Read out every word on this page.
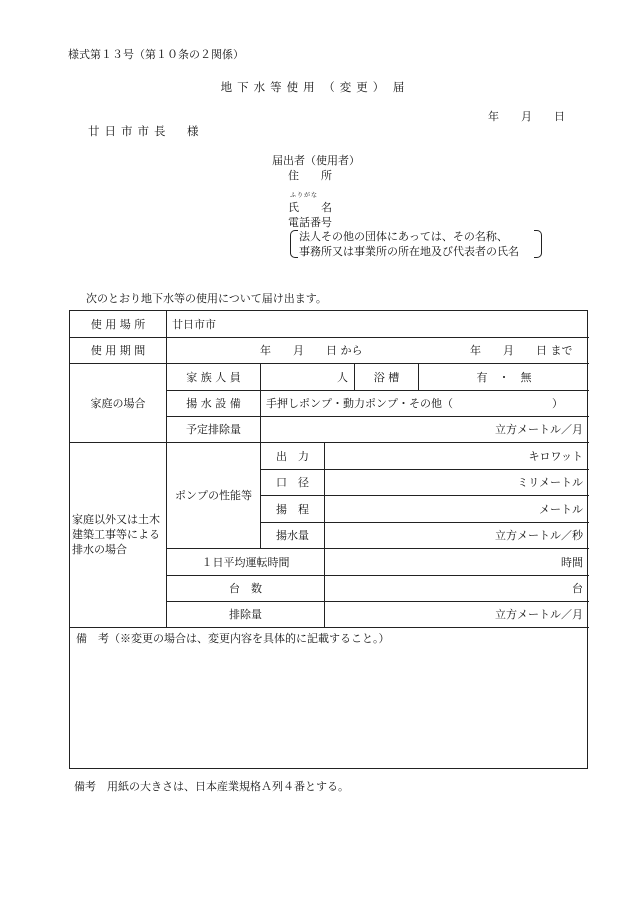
様式第１３号（第１０条の２関係）
地下水等使用 （変更） 届
年　　月　　日
廿日市市長　様
届出者（使用者）
住　　所
ふりがな
氏　　名
電話番号
法人その他の団体にあっては、その名称、
事務所又は事業所の所在地及び代表者の氏名
次のとおり地下水等の使用について届け出ます。
使 用 場 所	廿日市市
使 用 期 間	年　　月　　日 から	年　　月　　日 まで
家庭の場合
家 族 人 員	人	浴 槽	有　・　無
揚 水 設 備	手押しポンプ・動力ポンプ・その他（　　　　　　　　　）
予定排除量	立方メートル／月
家庭以外又は土木建築工事等による排水の場合
ポンプの性能等
出　力	キロワット
口　径	ミリメートル
揚　程	メートル
揚水量	立方メートル／秒
１日平均運転時間	時間
台　数	台
排除量	立方メートル／月
備　考（※変更の場合は、変更内容を具体的に記載すること。）
備考　用紙の大きさは、日本産業規格Ａ列４番とする。
